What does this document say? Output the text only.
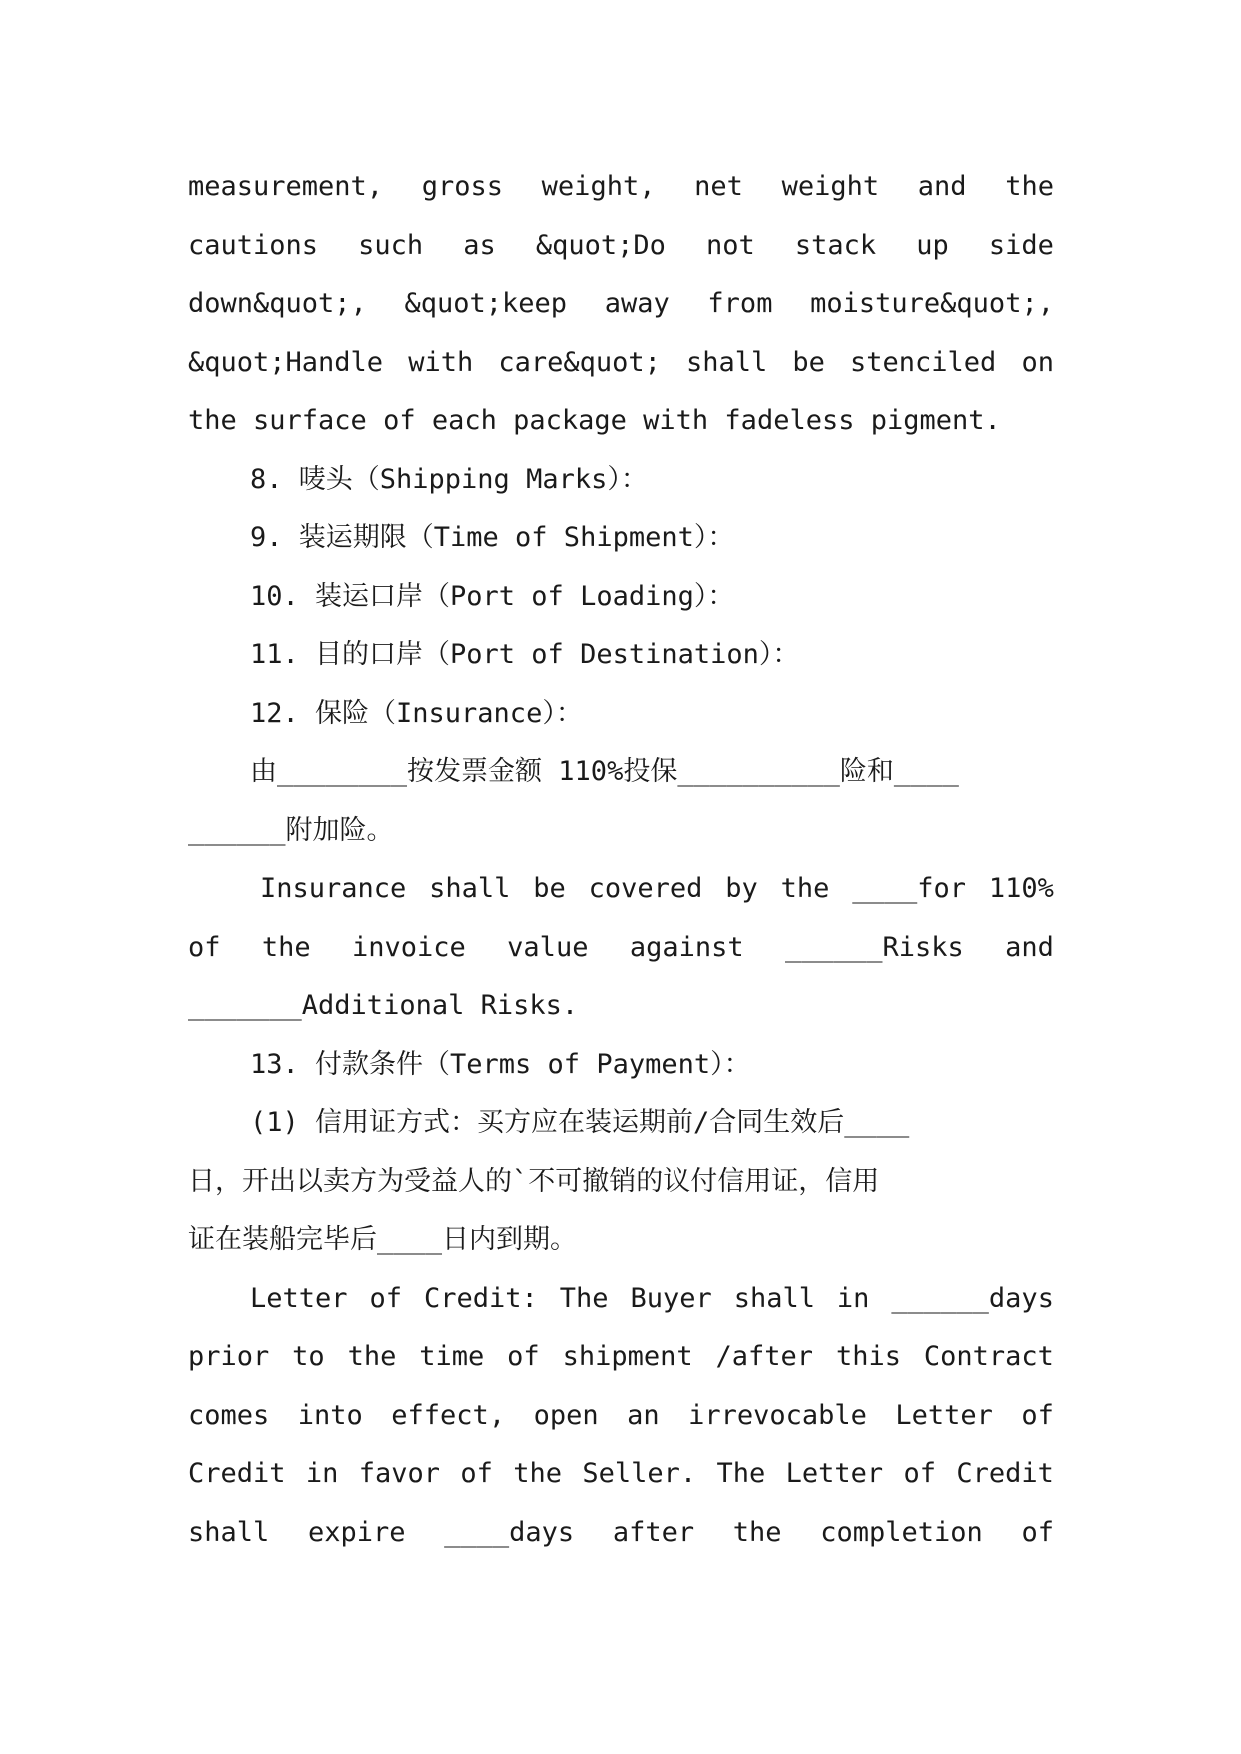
measurement, gross weight, net weight and the
cautions such as &quot;Do not stack up side
down&quot;, &quot;keep away from moisture&quot;,
&quot;Handle with care&quot; shall be stenciled on
the surface of each package with fadeless pigment.
8. 唛头（Shipping Marks）：
9. 装运期限（Time of Shipment）：
10. 装运口岸（Port of Loading）：
11. 目的口岸（Port of Destination）：
12. 保险（Insurance）：
由________按发票金额 110%投保__________险和____
______附加险。
Insurance shall be covered by the ____for 110%
of the invoice value against ______Risks and
_______Additional Risks.
13. 付款条件（Terms of Payment）：
(1) 信用证方式：买方应在装运期前/合同生效后____
日，开出以卖方为受益人的`不可撤销的议付信用证，信用
证在装船完毕后____日内到期。
Letter of Credit: The Buyer shall in ______days
prior to the time of shipment /after this Contract
comes into effect, open an irrevocable Letter of
Credit in favor of the Seller. The Letter of Credit
shall expire ____days after the completion of
